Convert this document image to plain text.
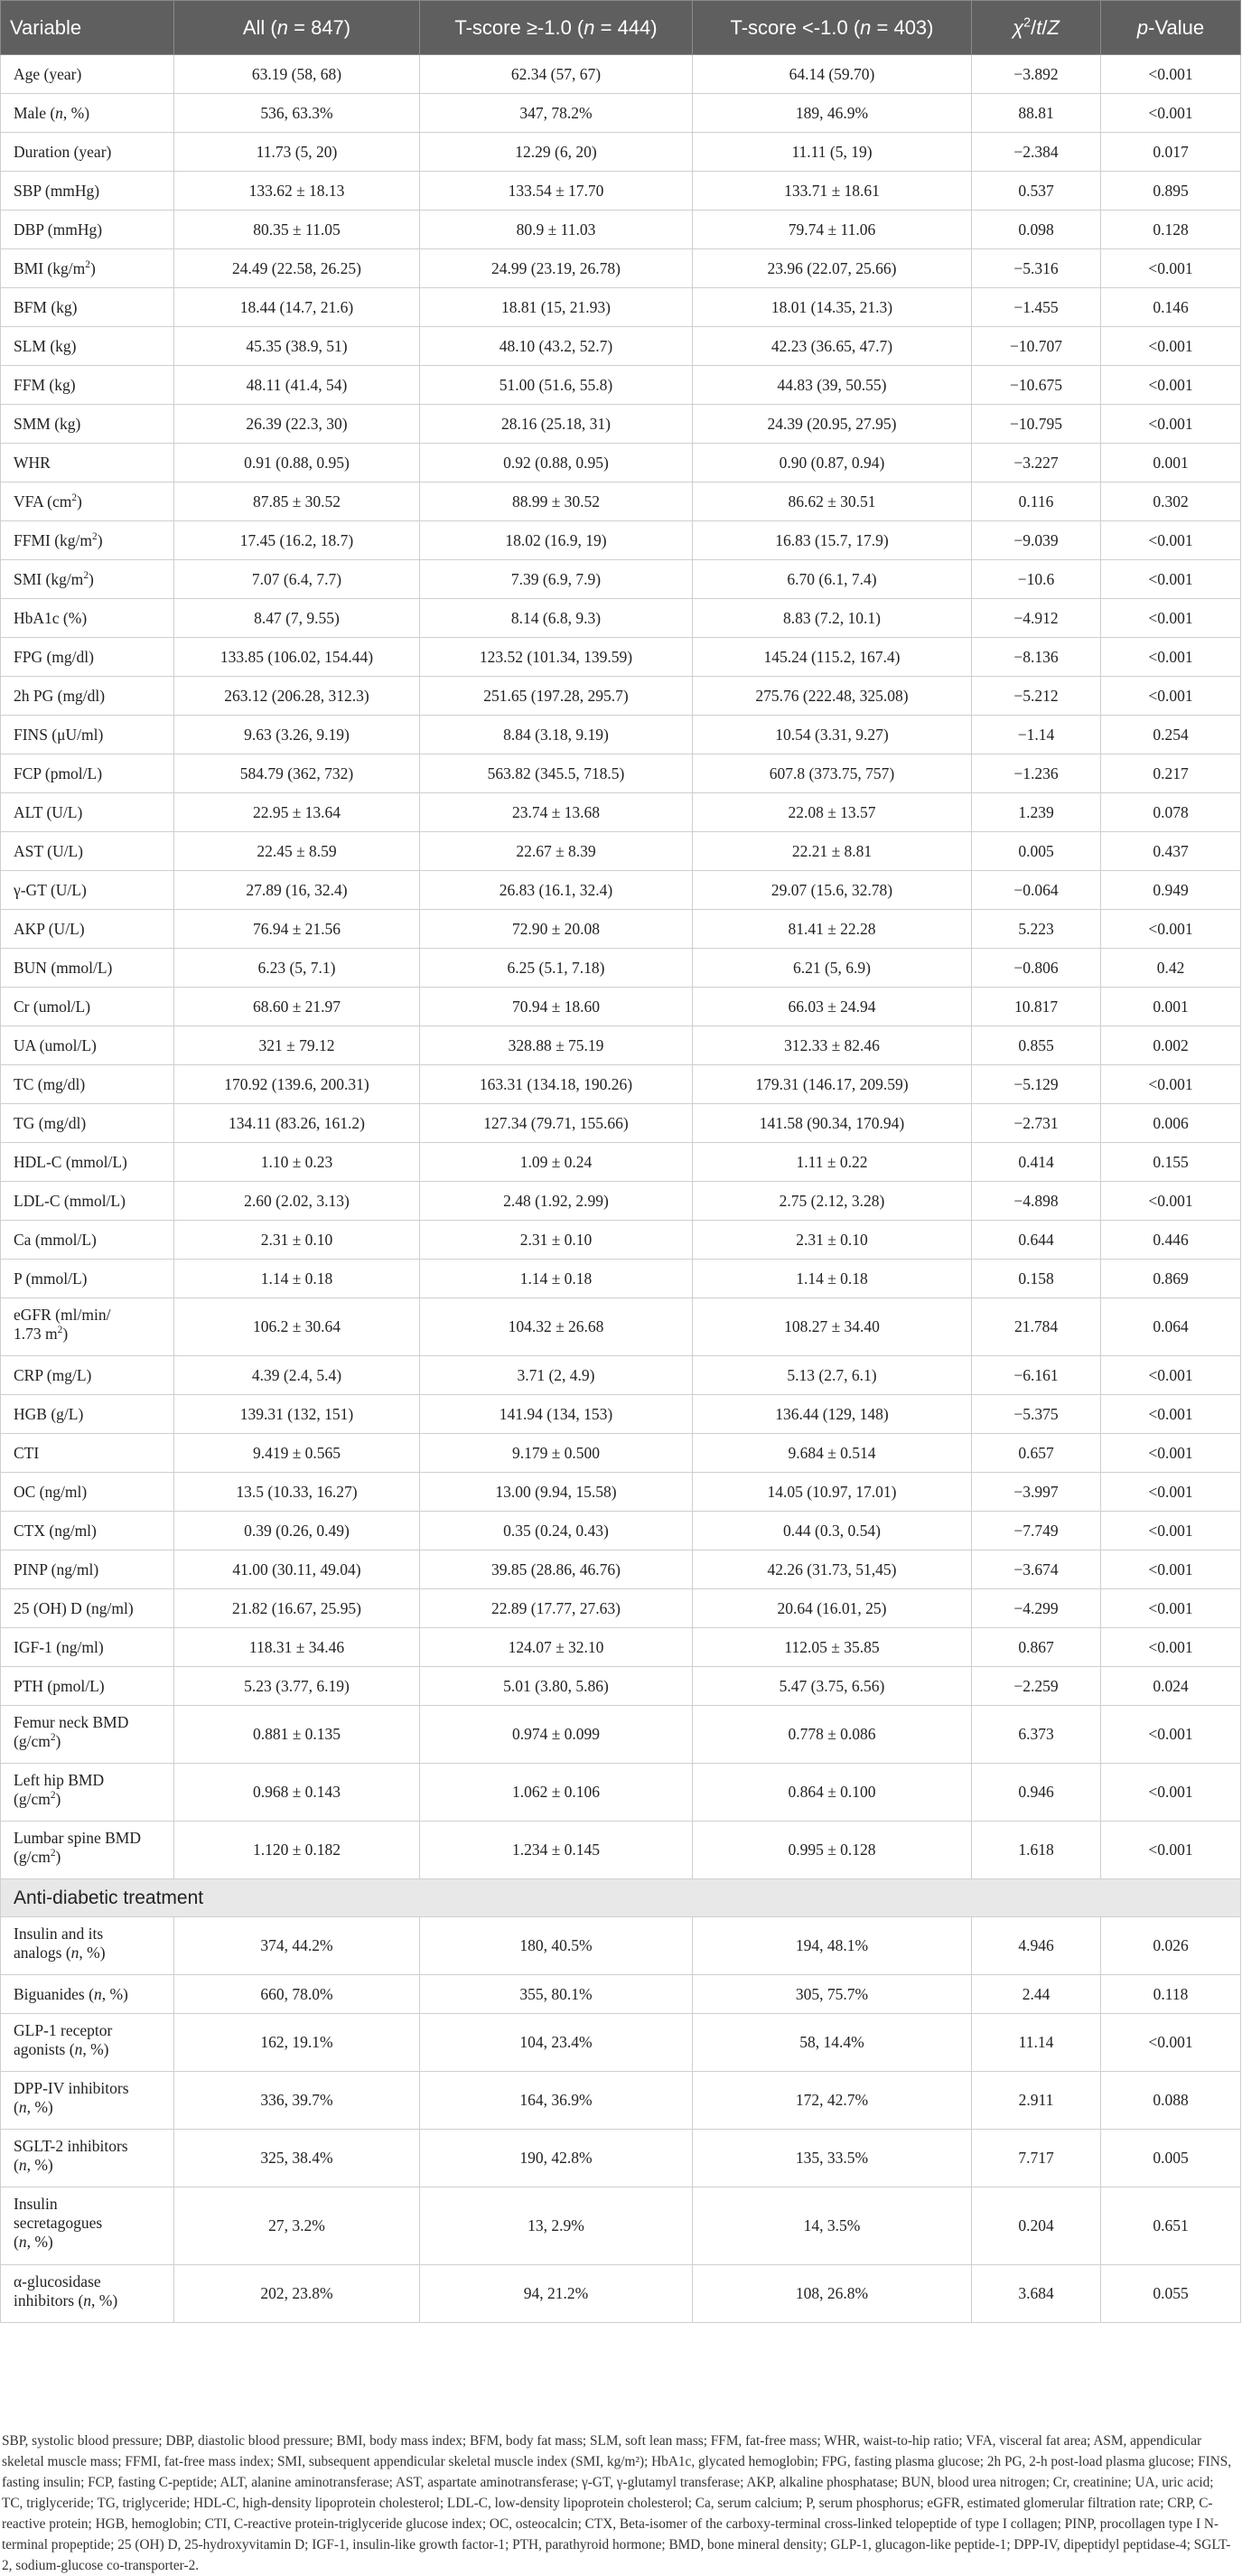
Variable	All (n = 847)	T-score ≥-1.0 (n = 444)	T-score <-1.0 (n = 403)	$\chi^2/t/Z$	p-Value
Age (year)	63.19 (58, 68)	62.34 (57, 67)	64.14 (59.70)	−3.892	<0.001
Male (n, %)	536, 63.3%	347, 78.2%	189, 46.9%	88.81	<0.001
Duration (year)	11.73 (5, 20)	12.29 (6, 20)	11.11 (5, 19)	−2.384	0.017
SBP (mmHg)	133.62 ± 18.13	133.54 ± 17.70	133.71 ± 18.61	0.537	0.895
DBP (mmHg)	80.35 ± 11.05	80.9 ± 11.03	79.74 ± 11.06	0.098	0.128
BMI $(kg/m^2)$	24.49 (22.58, 26.25)	24.99 (23.19, 26.78)	23.96 (22.07, 25.66)	−5.316	<0.001
BFM (kg)	18.44 (14.7, 21.6)	18.81 (15, 21.93)	18.01 (14.35, 21.3)	−1.455	0.146
SLM (kg)	45.35 (38.9, 51)	48.10 (43.2, 52.7)	42.23 (36.65, 47.7)	−10.707	<0.001
FFM (kg)	48.11 (41.4, 54)	51.00 (51.6, 55.8)	44.83 (39, 50.55)	−10.675	<0.001
SMM (kg)	26.39 (22.3, 30)	28.16 (25.18, 31)	24.39 (20.95, 27.95)	−10.795	<0.001
WHR	0.91 (0.88, 0.95)	0.92 (0.88, 0.95)	0.90 (0.87, 0.94)	−3.227	0.001
VFA $(cm^2)$	87.85 ± 30.52	88.99 ± 30.52	86.62 ± 30.51	0.116	0.302
FFMI $(kg/m^2)$	17.45 (16.2, 18.7)	18.02 (16.9, 19)	16.83 (15.7, 17.9)	−9.039	<0.001
SMI $(kg/m^2)$	7.07 (6.4, 7.7)	7.39 (6.9, 7.9)	6.70 (6.1, 7.4)	−10.6	<0.001
HbA1c (%)	8.47 (7, 9.55)	8.14 (6.8, 9.3)	8.83 (7.2, 10.1)	−4.912	<0.001
FPG (mg/dl)	133.85 (106.02, 154.44)	123.52 (101.34, 139.59)	145.24 (115.2, 167.4)	−8.136	<0.001
2h PG (mg/dl)	263.12 (206.28, 312.3)	251.65 (197.28, 295.7)	275.76 (222.48, 325.08)	−5.212	<0.001
FINS (μU/ml)	9.63 (3.26, 9.19)	8.84 (3.18, 9.19)	10.54 (3.31, 9.27)	−1.14	0.254
FCP (pmol/L)	584.79 (362, 732)	563.82 (345.5, 718.5)	607.8 (373.75, 757)	−1.236	0.217
ALT (U/L)	22.95 ± 13.64	23.74 ± 13.68	22.08 ± 13.57	1.239	0.078
AST (U/L)	22.45 ± 8.59	22.67 ± 8.39	22.21 ± 8.81	0.005	0.437
γ-GT (U/L)	27.89 (16, 32.4)	26.83 (16.1, 32.4)	29.07 (15.6, 32.78)	−0.064	0.949
AKP (U/L)	76.94 ± 21.56	72.90 ± 20.08	81.41 ± 22.28	5.223	<0.001
BUN (mmol/L)	6.23 (5, 7.1)	6.25 (5.1, 7.18)	6.21 (5, 6.9)	−0.806	0.42
Cr (umol/L)	68.60 ± 21.97	70.94 ± 18.60	66.03 ± 24.94	10.817	0.001
UA (umol/L)	321 ± 79.12	328.88 ± 75.19	312.33 ± 82.46	0.855	0.002
TC (mg/dl)	170.92 (139.6, 200.31)	163.31 (134.18, 190.26)	179.31 (146.17, 209.59)	−5.129	<0.001
TG (mg/dl)	134.11 (83.26, 161.2)	127.34 (79.71, 155.66)	141.58 (90.34, 170.94)	−2.731	0.006
HDL-C (mmol/L)	1.10 ± 0.23	1.09 ± 0.24	1.11 ± 0.22	0.414	0.155
LDL-C (mmol/L)	2.60 (2.02, 3.13)	2.48 (1.92, 2.99)	2.75 (2.12, 3.28)	−4.898	<0.001
Ca (mmol/L)	2.31 ± 0.10	2.31 ± 0.10	2.31 ± 0.10	0.644	0.446
P (mmol/L)	1.14 ± 0.18	1.14 ± 0.18	1.14 ± 0.18	0.158	0.869
eGFR (ml/min/
1.73 $m^2$)	106.2 ± 30.64	104.32 ± 26.68	108.27 ± 34.40	21.784	0.064
CRP (mg/L)	4.39 (2.4, 5.4)	3.71 (2, 4.9)	5.13 (2.7, 6.1)	−6.161	<0.001
HGB (g/L)	139.31 (132, 151)	141.94 (134, 153)	136.44 (129, 148)	−5.375	<0.001
CTI	9.419 ± 0.565	9.179 ± 0.500	9.684 ± 0.514	0.657	<0.001
OC (ng/ml)	13.5 (10.33, 16.27)	13.00 (9.94, 15.58)	14.05 (10.97, 17.01)	−3.997	<0.001
CTX (ng/ml)	0.39 (0.26, 0.49)	0.35 (0.24, 0.43)	0.44 (0.3, 0.54)	−7.749	<0.001
PINP (ng/ml)	41.00 (30.11, 49.04)	39.85 (28.86, 46.76)	42.26 (31.73, 51,45)	−3.674	<0.001
25 (OH) D (ng/ml)	21.82 (16.67, 25.95)	22.89 (17.77, 27.63)	20.64 (16.01, 25)	−4.299	<0.001
IGF-1 (ng/ml)	118.31 ± 34.46	124.07 ± 32.10	112.05 ± 35.85	0.867	<0.001
PTH (pmol/L)	5.23 (3.77, 6.19)	5.01 (3.80, 5.86)	5.47 (3.75, 6.56)	−2.259	0.024
Femur neck BMD
$(g/cm^2)$	0.881 ± 0.135	0.974 ± 0.099	0.778 ± 0.086	6.373	<0.001
Left hip BMD
$(g/cm^2)$	0.968 ± 0.143	1.062 ± 0.106	0.864 ± 0.100	0.946	<0.001
Lumbar spine BMD
$(g/cm^2)$	1.120 ± 0.182	1.234 ± 0.145	0.995 ± 0.128	1.618	<0.001
Anti-diabetic treatment					
Insulin and its
analogs (n, %)	374, 44.2%	180, 40.5%	194, 48.1%	4.946	0.026
Biguanides (n, %)	660, 78.0%	355, 80.1%	305, 75.7%	2.44	0.118
GLP-1 receptor
agonists (n, %)	162, 19.1%	104, 23.4%	58, 14.4%	11.14	<0.001
DPP-IV inhibitors
(n, %)	336, 39.7%	164, 36.9%	172, 42.7%	2.911	0.088
SGLT-2 inhibitors
(n, %)	325, 38.4%	190, 42.8%	135, 33.5%	7.717	0.005
Insulin
secretagogues
(n, %)	27, 3.2%	13, 2.9%	14, 3.5%	0.204	0.651
α-glucosidase
inhibitors (n, %)	202, 23.8%	94, 21.2%	108, 26.8%	3.684	0.055
SBP, systolic blood pressure; DBP, diastolic blood pressure; BMI, body mass index; BFM, body fat mass; SLM, soft lean mass; FFM, fat-free mass; WHR, waist-to-hip ratio; VFA, visceral fat area; ASM, appendicular skeletal muscle mass; FFMI, fat-free mass index; SMI, subsequent appendicular skeletal muscle index (SMI, kg/m²); HbA1c, glycated hemoglobin; FPG, fasting plasma glucose; 2h PG, 2-h post-load plasma glucose; FINS, fasting insulin; FCP, fasting C-peptide; ALT, alanine aminotransferase; AST, aspartate aminotransferase; γ-GT, γ-glutamyl transferase; AKP, alkaline phosphatase; BUN, blood urea nitrogen; Cr, creatinine; UA, uric acid; TC, triglyceride; TG, triglyceride; HDL-C, high-density lipoprotein cholesterol; LDL-C, low-density lipoprotein cholesterol; Ca, serum calcium; P, serum phosphorus; eGFR, estimated glomerular filtration rate; CRP, C-reactive protein; HGB, hemoglobin; CTI, C-reactive protein-triglyceride glucose index; OC, osteocalcin; CTX, Beta-isomer of the carboxy-terminal cross-linked telopeptide of type I collagen; PINP, procollagen type I N-terminal propeptide; 25 (OH) D, 25-hydroxyvitamin D; IGF-1, insulin-like growth factor-1; PTH, parathyroid hormone; BMD, bone mineral density; GLP-1, glucagon-like peptide-1; DPP-IV, dipeptidyl peptidase-4; SGLT-2, sodium-glucose co-transporter-2.
